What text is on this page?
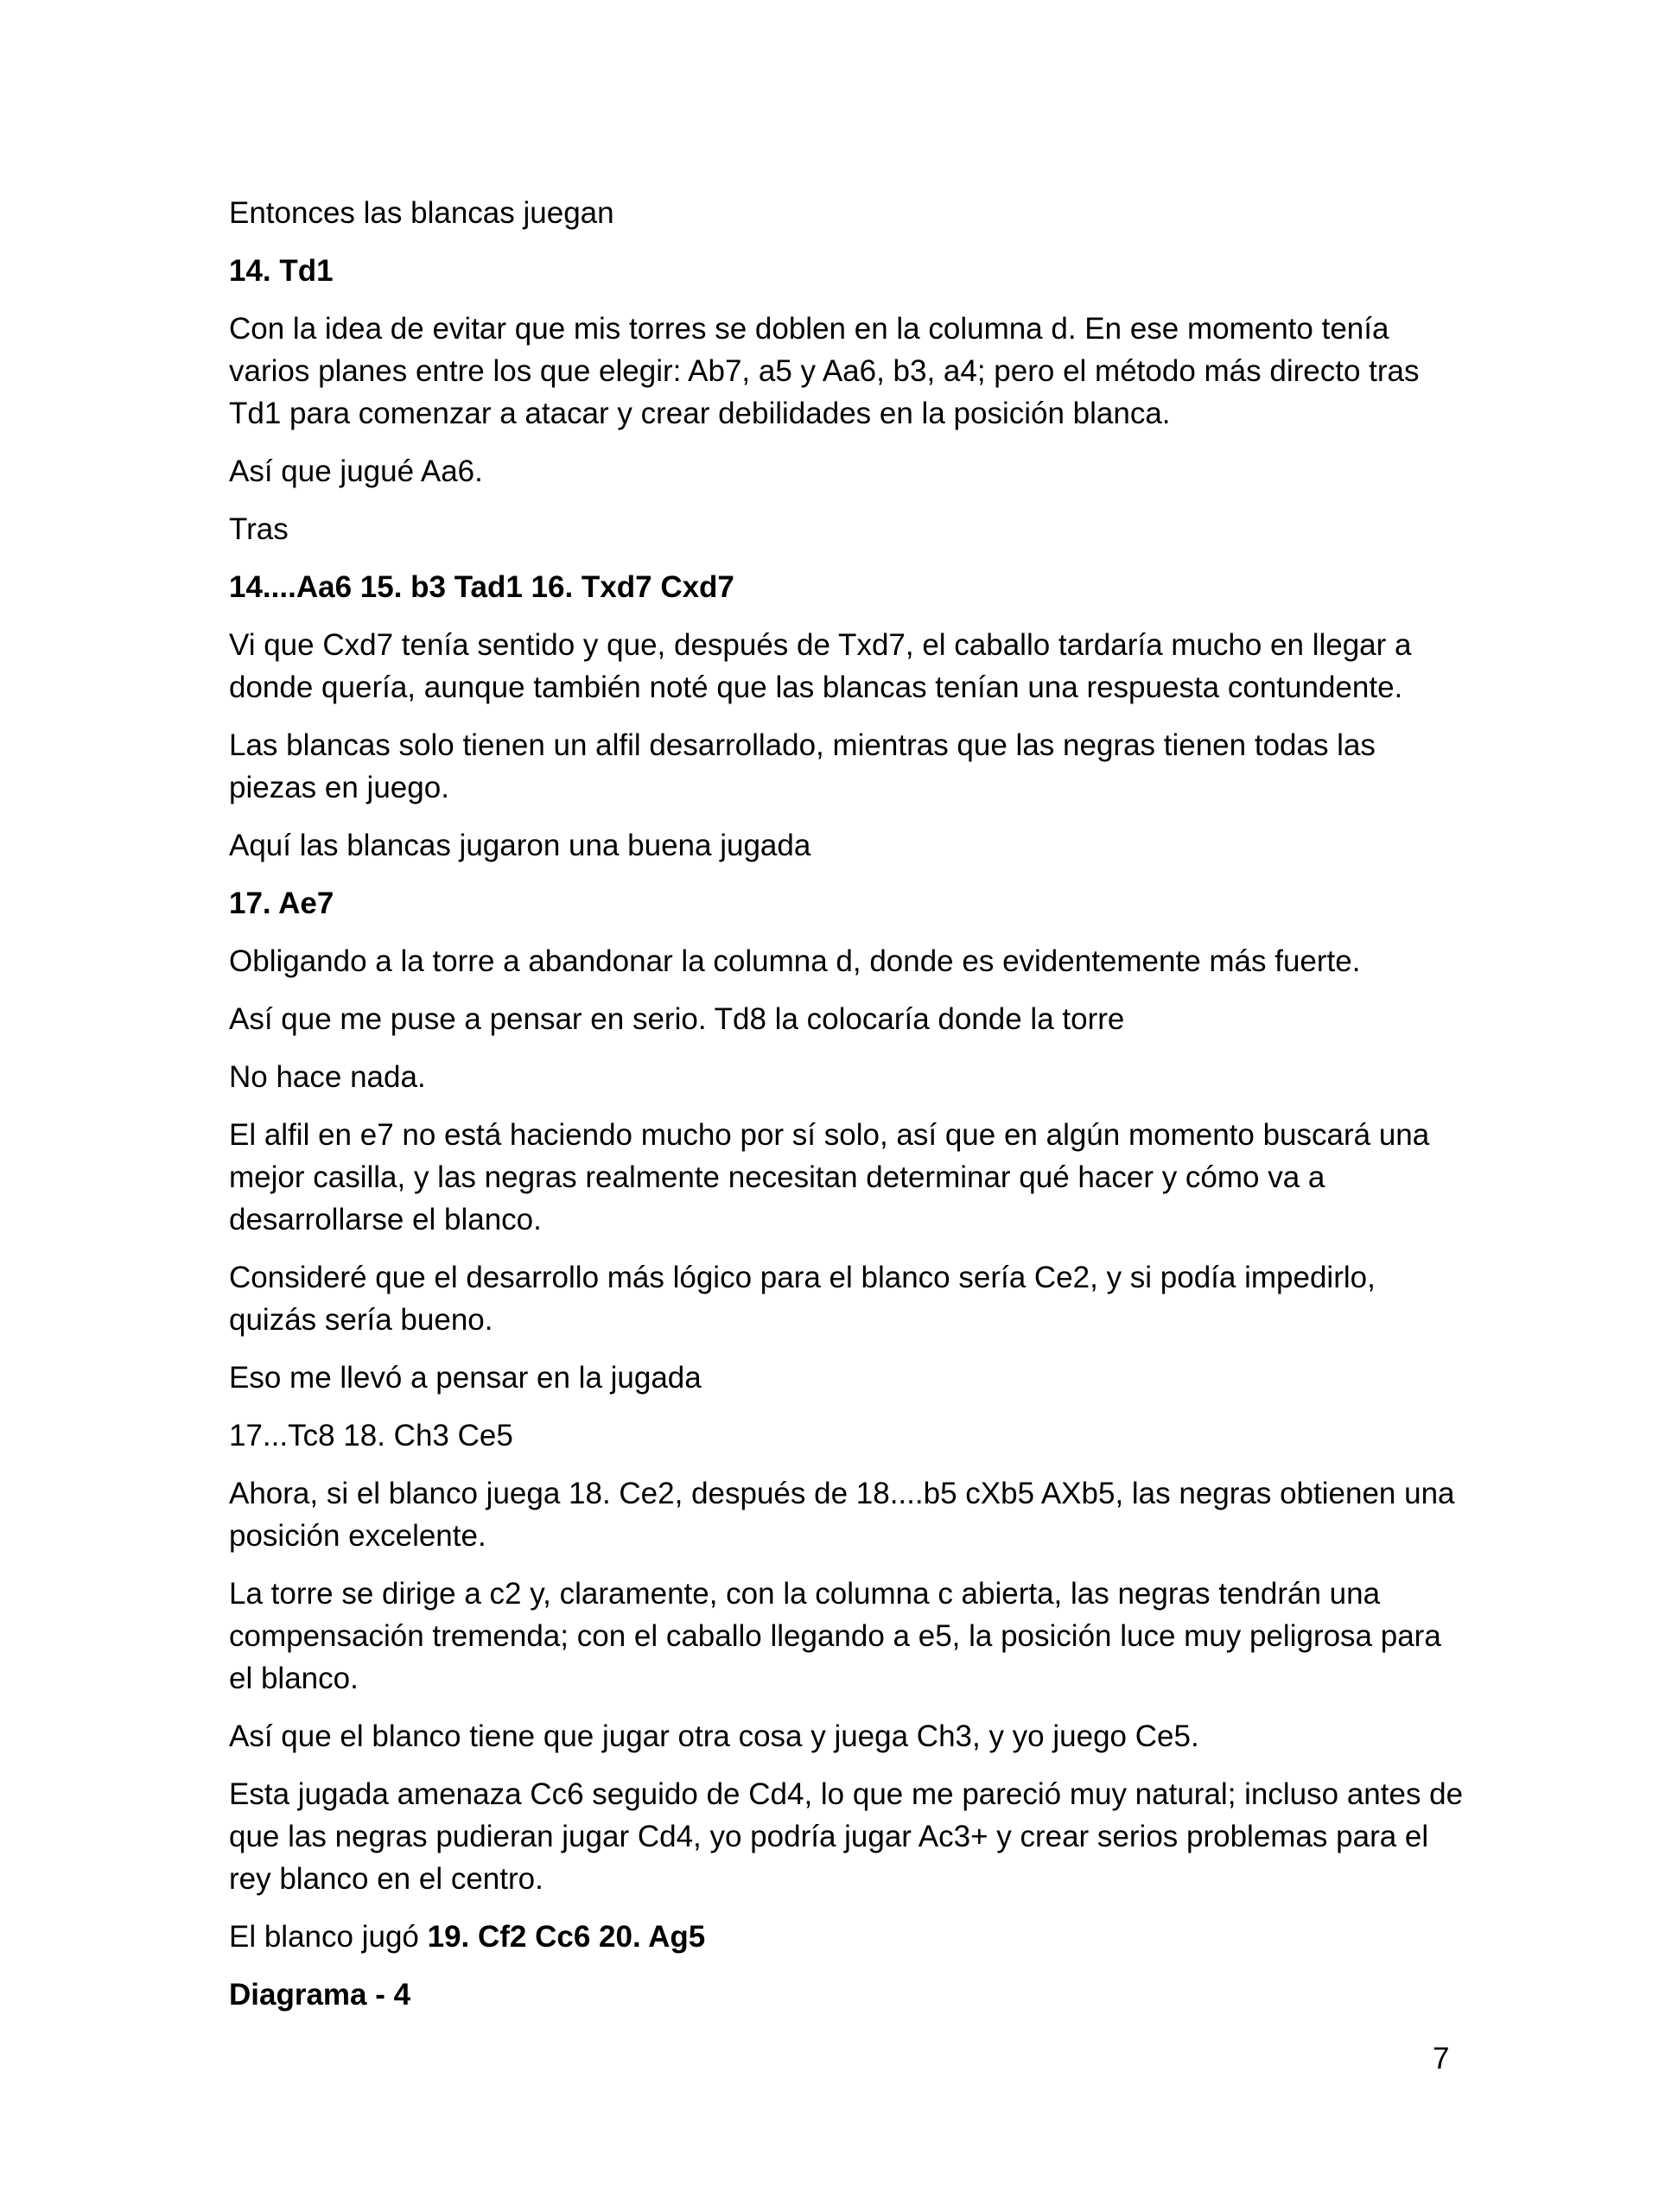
Entonces las blancas juegan

14. Td1

Con la idea de evitar que mis torres se doblen en la columna d. En ese momento tenía varios planes entre los que elegir: Ab7, a5 y Aa6, b3, a4; pero el método más directo tras Td1 para comenzar a atacar y crear debilidades en la posición blanca.

Así que jugué Aa6.

Tras

14....Aa6 15. b3 Tad1 16. Txd7 Cxd7

Vi que Cxd7 tenía sentido y que, después de Txd7, el caballo tardaría mucho en llegar a donde quería, aunque también noté que las blancas tenían una respuesta contundente.

Las blancas solo tienen un alfil desarrollado, mientras que las negras tienen todas las piezas en juego.

Aquí las blancas jugaron una buena jugada

17. Ae7

Obligando a la torre a abandonar la columna d, donde es evidentemente más fuerte.

Así que me puse a pensar en serio. Td8 la colocaría donde la torre

No hace nada.

El alfil en e7 no está haciendo mucho por sí solo, así que en algún momento buscará una mejor casilla, y las negras realmente necesitan determinar qué hacer y cómo va a desarrollarse el blanco.

Consideré que el desarrollo más lógico para el blanco sería Ce2, y si podía impedirlo, quizás sería bueno.

Eso me llevó a pensar en la jugada

17...Tc8 18. Ch3 Ce5

Ahora, si el blanco juega 18. Ce2, después de 18....b5 cXb5 AXb5, las negras obtienen una posición excelente.

La torre se dirige a c2 y, claramente, con la columna c abierta, las negras tendrán una compensación tremenda; con el caballo llegando a e5, la posición luce muy peligrosa para el blanco.

Así que el blanco tiene que jugar otra cosa y juega Ch3, y yo juego Ce5.

Esta jugada amenaza Cc6 seguido de Cd4, lo que me pareció muy natural; incluso antes de que las negras pudieran jugar Cd4, yo podría jugar Ac3+ y crear serios problemas para el rey blanco en el centro.

El blanco jugó 19. Cf2 Cc6 20. Ag5

Diagrama - 4

7
